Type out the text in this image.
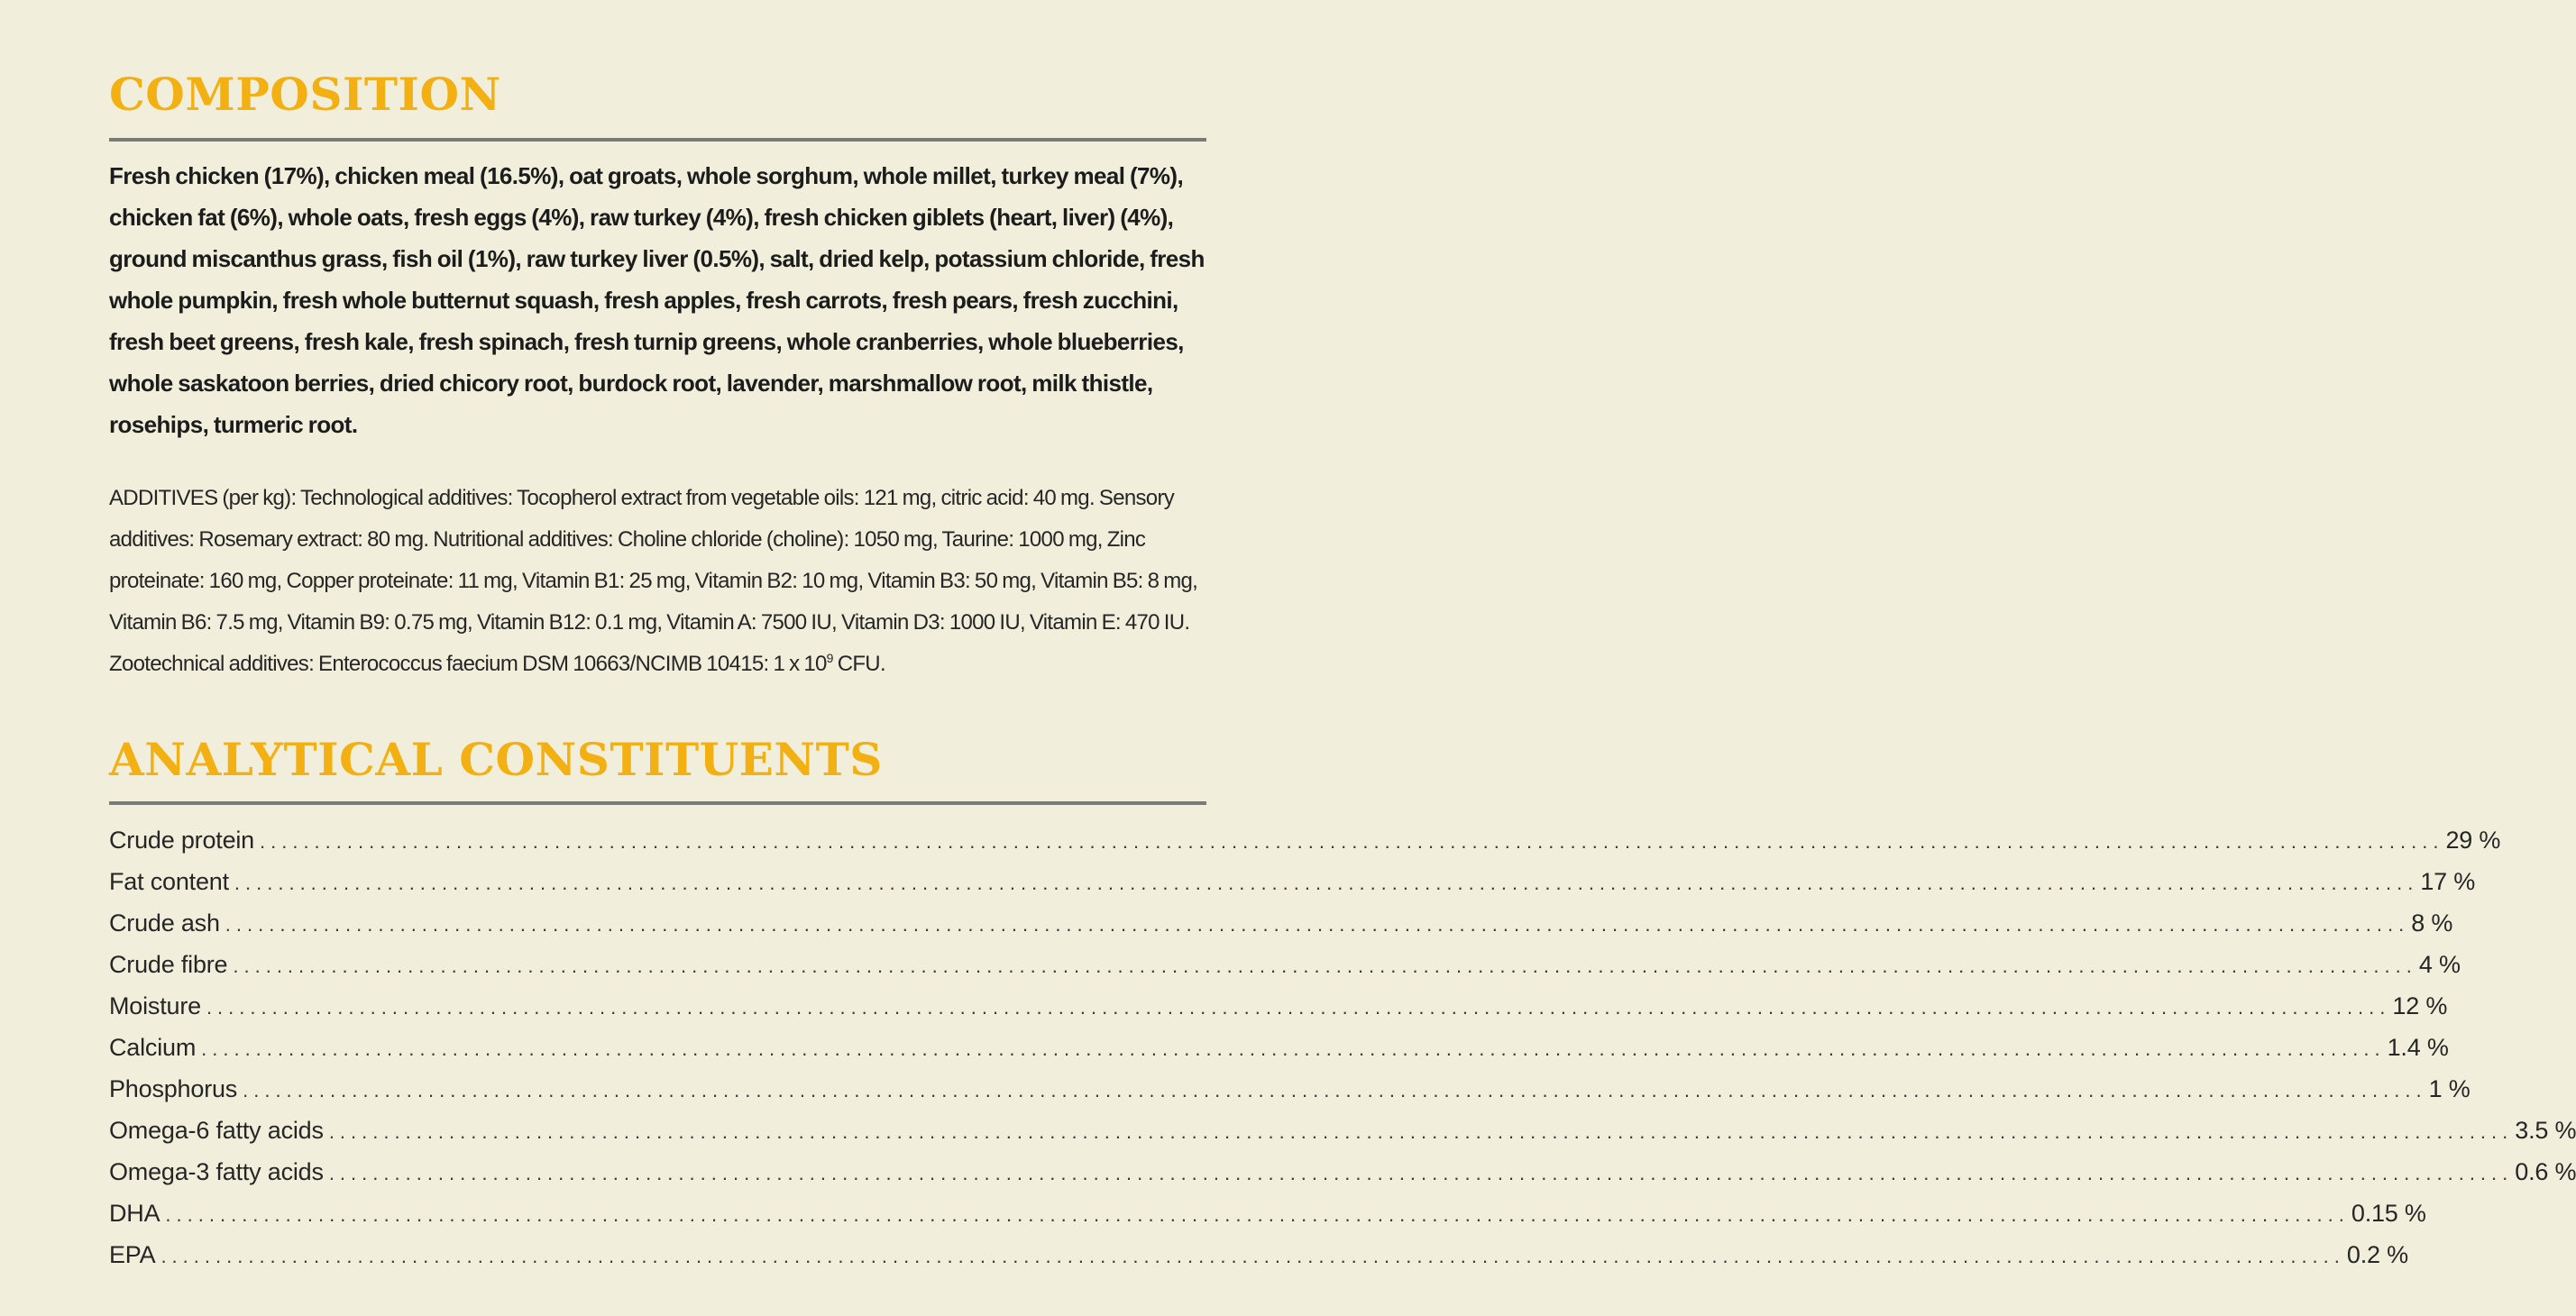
COMPOSITION

Fresh chicken (17%), chicken meal (16.5%), oat groats, whole sorghum, whole millet, turkey meal (7%), chicken fat (6%), whole oats, fresh eggs (4%), raw turkey (4%), fresh chicken giblets (heart, liver) (4%), ground miscanthus grass, fish oil (1%), raw turkey liver (0.5%), salt, dried kelp, potassium chloride, fresh whole pumpkin, fresh whole butternut squash, fresh apples, fresh carrots, fresh pears, fresh zucchini, fresh beet greens, fresh kale, fresh spinach, fresh turnip greens, whole cranberries, whole blueberries, whole saskatoon berries, dried chicory root, burdock root, lavender, marshmallow root, milk thistle, rosehips, turmeric root.

ADDITIVES (per kg): Technological additives: Tocopherol extract from vegetable oils: 121 mg, citric acid: 40 mg. Sensory additives: Rosemary extract: 80 mg. Nutritional additives: Choline chloride (choline): 1050 mg, Taurine: 1000 mg, Zinc proteinate: 160 mg, Copper proteinate: 11 mg, Vitamin B1: 25 mg, Vitamin B2: 10 mg, Vitamin B3: 50 mg, Vitamin B5: 8 mg, Vitamin B6: 7.5 mg, Vitamin B9: 0.75 mg, Vitamin B12: 0.1 mg, Vitamin A: 7500 IU, Vitamin D3: 1000 IU, Vitamin E: 470 IU. Zootechnical additives: Enterococcus faecium DSM 10663/NCIMB 10415: 1 x $10^9$ CFU.

ANALYTICAL CONSTITUENTS
Crude protein ........................................................................................................................................................................................................ 29 %
Fat content ........................................................................................................................................................................................................ 17 %
Crude ash ........................................................................................................................................................................................................ 8 %
Crude fibre ........................................................................................................................................................................................................ 4 %
Moisture ........................................................................................................................................................................................................ 12 %
Calcium ........................................................................................................................................................................................................ 1.4 %
Phosphorus ........................................................................................................................................................................................................ 1 %
Omega-6 fatty acids ........................................................................................................................................................................................................ 3.5 %
Omega-3 fatty acids ........................................................................................................................................................................................................ 0.6 %
DHA ........................................................................................................................................................................................................ 0.15 %
EPA ........................................................................................................................................................................................................ 0.2 %
